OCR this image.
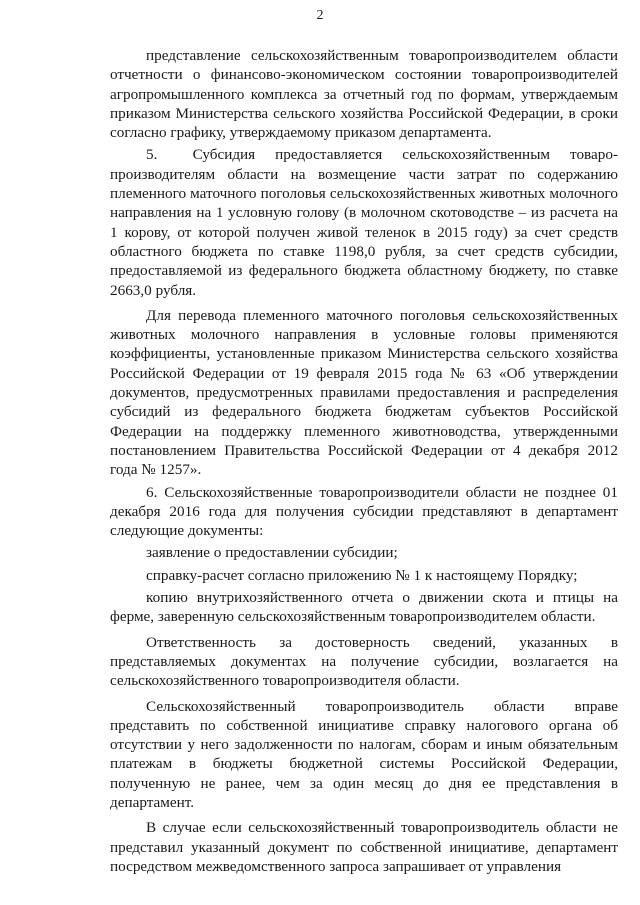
2

представление сельскохозяйственным товаропроизводителем области отчетности о финансово-экономическом состоянии товаропроизводителей агропромышленного комплекса за отчетный год по формам, утверждаемым приказом Министерства сельского хозяйства Российской Федерации, в сроки согласно графику, утверждаемому приказом департамента.

5.  Субсидия предоставляется сельскохозяйственным товаро-производителям области на возмещение части затрат по содержанию племенного маточного поголовья сельскохозяйственных животных молочного направления на 1 условную голову (в молочном скотоводстве – из расчета на 1 корову, от которой получен живой теленок в 2015 году) за счет средств областного бюджета по ставке 1198,0 рубля, за счет средств субсидии, предоставляемой из федерального бюджета областному бюджету, по ставке 2663,0 рубля.

Для перевода племенного маточного поголовья сельскохозяйственных животных молочного направления в условные головы применяются коэффициенты, установленные приказом Министерства сельского хозяйства Российской Федерации от 19 февраля 2015 года № 63 «Об утверждении документов, предусмотренных правилами предоставления и распределения субсидий из федерального бюджета бюджетам субъектов Российской Федерации на поддержку племенного животноводства, утвержденными постановлением Правительства Российской Федерации от 4 декабря 2012 года № 1257».

6. Сельскохозяйственные товаропроизводители области не позднее 01 декабря 2016 года для получения субсидии представляют в департамент следующие документы:

заявление о предоставлении субсидии;

справку-расчет согласно приложению № 1 к настоящему Порядку;

копию внутрихозяйственного отчета о движении скота и птицы на ферме, заверенную сельскохозяйственным товаропроизводителем области.

Ответственность за достоверность сведений, указанных в представляемых документах на получение субсидии, возлагается на сельскохозяйственного товаропроизводителя области.

Сельскохозяйственный товаропроизводитель области вправе представить по собственной инициативе справку налогового органа об отсутствии у него задолженности по налогам, сборам и иным обязательным платежам в бюджеты бюджетной системы Российской Федерации, полученную не ранее, чем за один месяц до дня ее представления в департамент.

В случае если сельскохозяйственный товаропроизводитель области не представил указанный документ по собственной инициативе, департамент посредством межведомственного запроса запрашивает от управления
